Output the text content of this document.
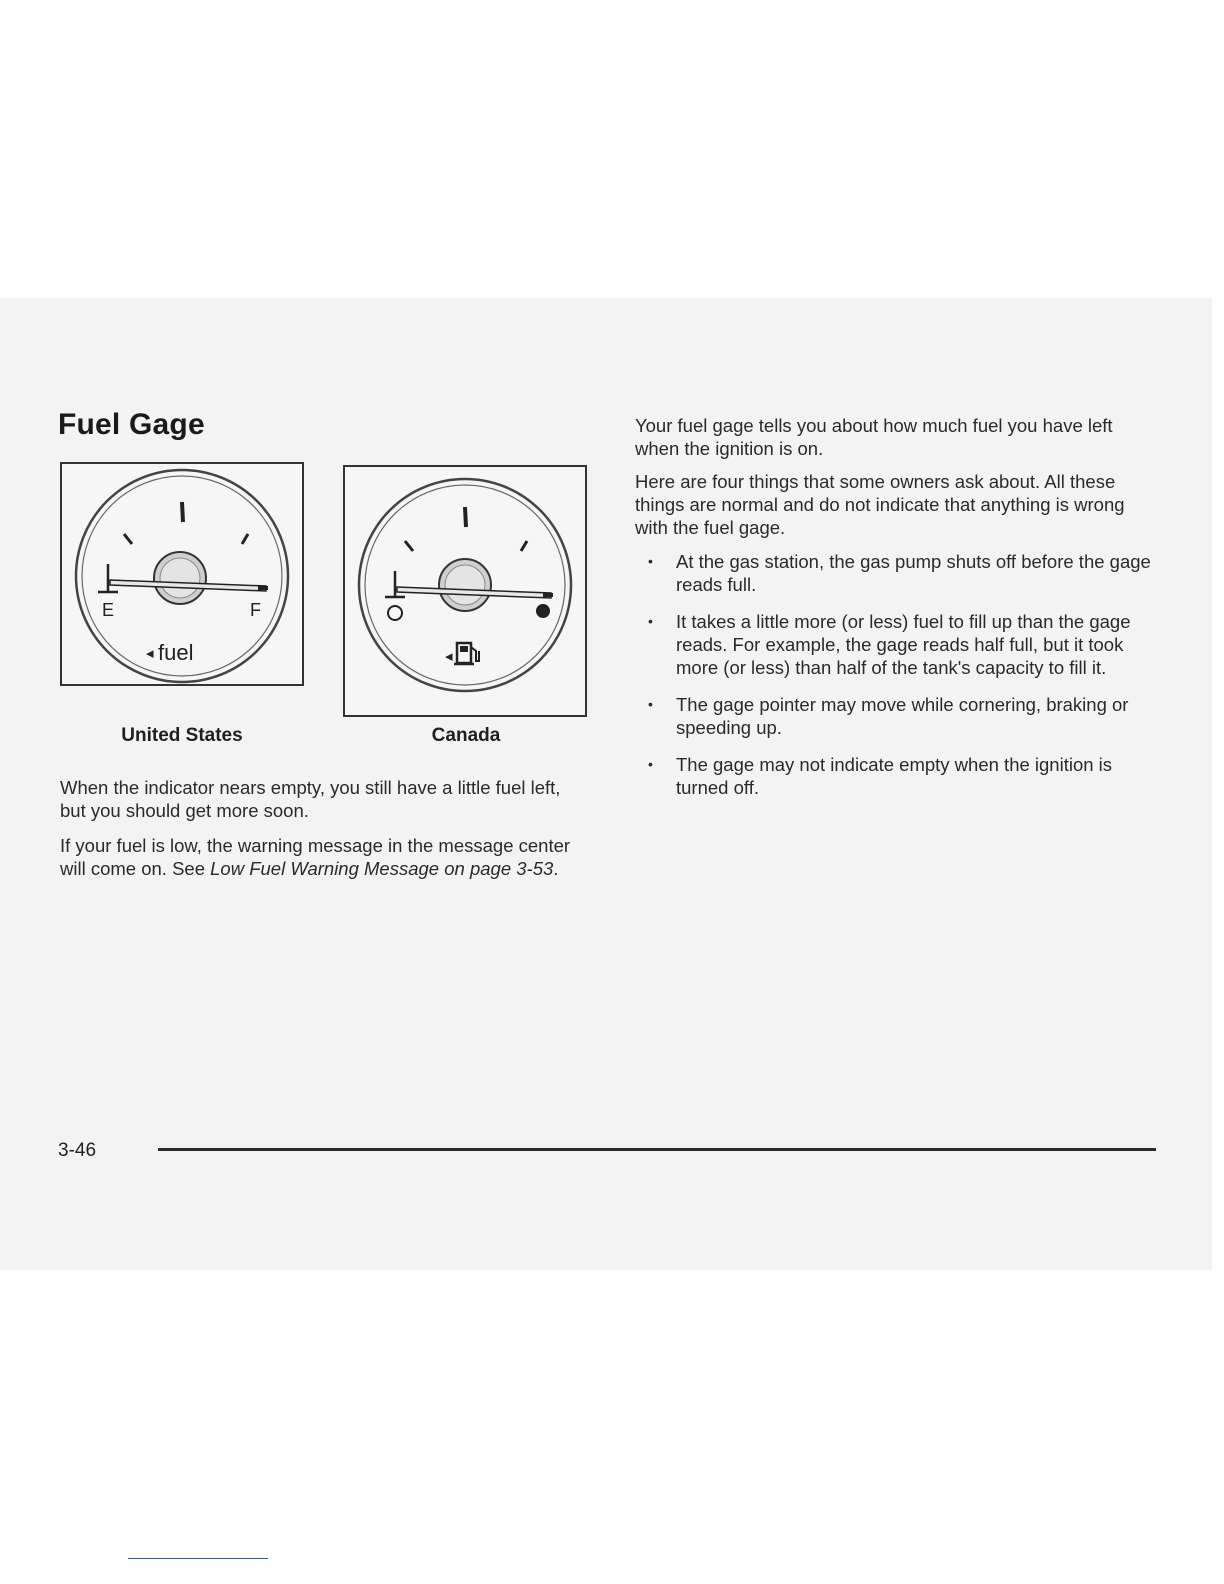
Fuel Gage
E	F
◂ fuel	◂
United States	Canada

When the indicator nears empty, you still have a little fuel left, but you should get more soon.

If your fuel is low, the warning message in the message center will come on. See Low Fuel Warning Message on page 3-53.

Your fuel gage tells you about how much fuel you have left when the ignition is on.

Here are four things that some owners ask about. All these things are normal and do not indicate that anything is wrong with the fuel gage.

• At the gas station, the gas pump shuts off before the gage reads full.
• It takes a little more (or less) fuel to fill up than the gage reads. For example, the gage reads half full, but it took more (or less) than half of the tank's capacity to fill it.
• The gage pointer may move while cornering, braking or speeding up.
• The gage may not indicate empty when the ignition is turned off.
3-46
